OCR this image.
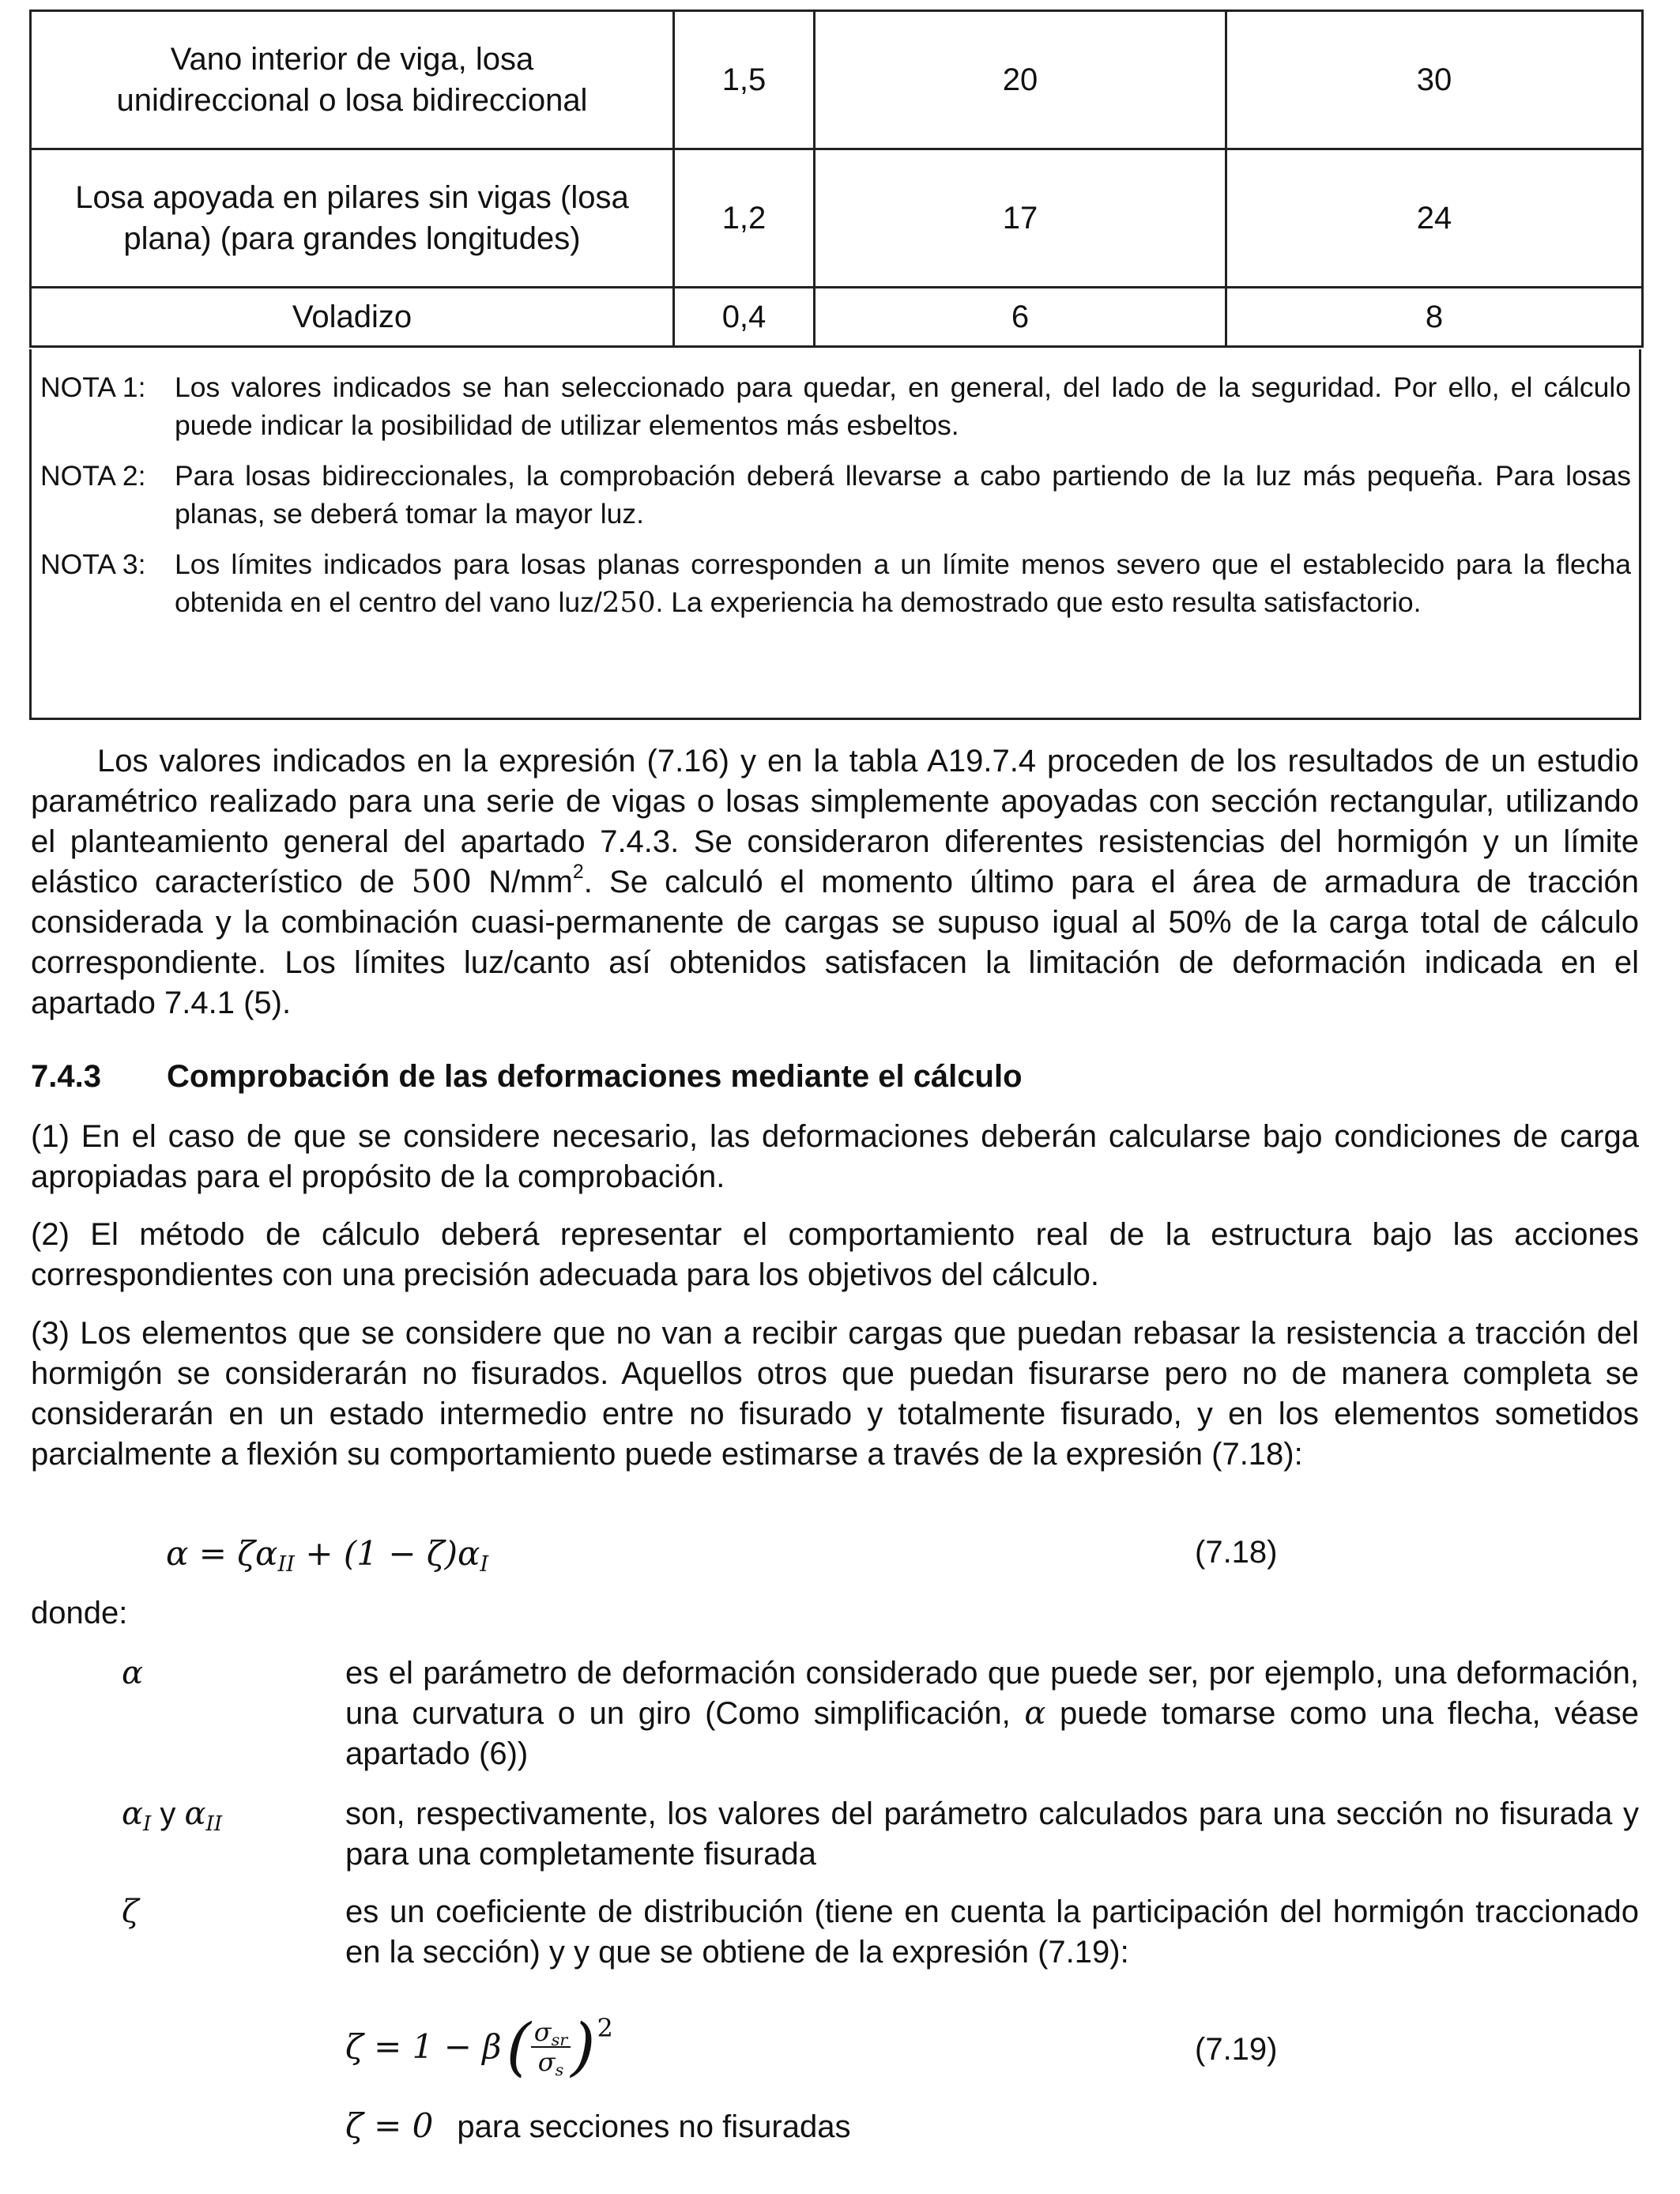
Vano interior de viga, losa unidireccional o losa bidireccional	1,5	20	30
Losa apoyada en pilares sin vigas (losa plana) (para grandes longitudes)	1,2	17	24
Voladizo	0,4	6	8
NOTA 1:	Los valores indicados se han seleccionado para quedar, en general, del lado de la seguridad. Por ello, el cálculo puede indicar la posibilidad de utilizar elementos más esbeltos.
NOTA 2:	Para losas bidireccionales, la comprobación deberá llevarse a cabo partiendo de la luz más pequeña. Para losas planas, se deberá tomar la mayor luz.
NOTA 3:	Los límites indicados para losas planas corresponden a un límite menos severo que el establecido para la flecha obtenida en el centro del vano luz/250. La experiencia ha demostrado que esto resulta satisfactorio.
Los valores indicados en la expresión (7.16) y en la tabla A19.7.4 proceden de los resultados de un estudio paramétrico realizado para una serie de vigas o losas simplemente apoyadas con sección rectangular, utilizando el planteamiento general del apartado 7.4.3. Se consideraron diferentes resistencias del hormigón y un límite elástico característico de 500 $N/mm^2$. Se calculó el momento último para el área de armadura de tracción considerada y la combinación cuasi-permanente de cargas se supuso igual al 50% de la carga total de cálculo correspondiente. Los límites luz/canto así obtenidos satisfacen la limitación de deformación indicada en el apartado 7.4.1 (5).
7.4.3 Comprobación de las deformaciones mediante el cálculo
(1) En el caso de que se considere necesario, las deformaciones deberán calcularse bajo condiciones de carga apropiadas para el propósito de la comprobación.
(2) El método de cálculo deberá representar el comportamiento real de la estructura bajo las acciones correspondientes con una precisión adecuada para los objetivos del cálculo.
(3) Los elementos que se considere que no van a recibir cargas que puedan rebasar la resistencia a tracción del hormigón se considerarán no fisurados. Aquellos otros que puedan fisurarse pero no de manera completa se considerarán en un estado intermedio entre no fisurado y totalmente fisurado, y en los elementos sometidos parcialmente a flexión su comportamiento puede estimarse a través de la expresión (7.18):
$\alpha = \zeta\alpha_{II} + (1 - \zeta)\alpha_I$	(7.18)
donde:
α	es el parámetro de deformación considerado que puede ser, por ejemplo, una deformación, una curvatura o un giro (Como simplificación, α puede tomarse como una flecha, véase apartado (6))
$\alpha_I$ y $\alpha_{II}$	son, respectivamente, los valores del parámetro calculados para una sección no fisurada y para una completamente fisurada
ζ	es un coeficiente de distribución (tiene en cuenta la participación del hormigón traccionado en la sección) y y que se obtiene de la expresión (7.19):
ζ = 1 − β ( $\frac{\sigma_{sr}}{\sigma_s}$ ) 2
(7.19)
ζ = 0 para secciones no fisuradas
